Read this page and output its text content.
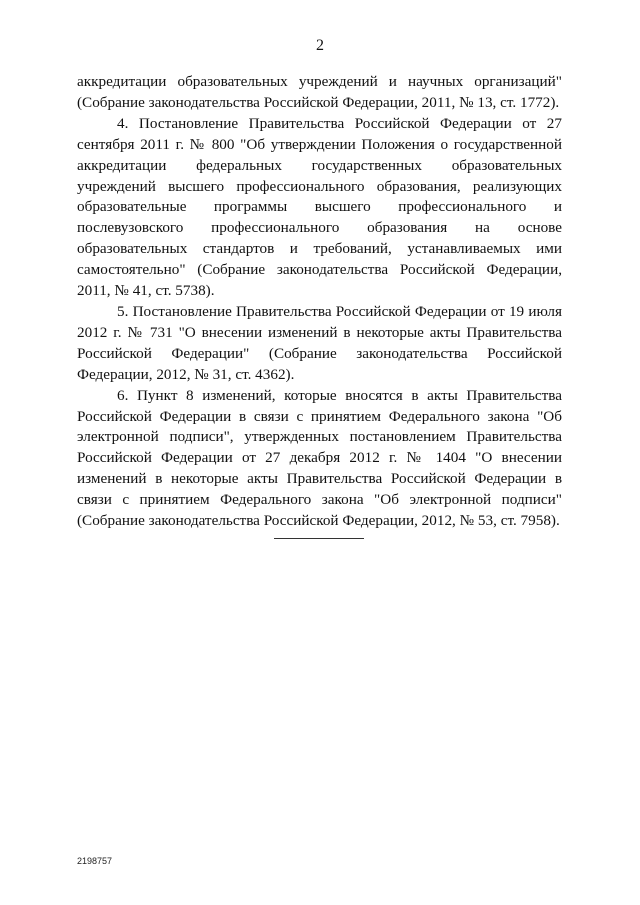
2

аккредитации образовательных учреждений и научных организаций" (Собрание законодательства Российской Федерации, 2011, № 13, ст. 1772).

4. Постановление Правительства Российской Федерации от 27 сентября 2011 г. № 800 "Об утверждении Положения о государственной аккредитации федеральных государственных образовательных учреждений высшего профессионального образования, реализующих образовательные программы высшего профессионального и послевузовского профессионального образования на основе образовательных стандартов и требований, устанавливаемых ими самостоятельно" (Собрание законодательства Российской Федерации, 2011, № 41, ст. 5738).

5. Постановление Правительства Российской Федерации от 19 июля 2012 г. № 731 "О внесении изменений в некоторые акты Правительства Российской Федерации" (Собрание законодательства Российской Федерации, 2012, № 31, ст. 4362).

6. Пункт 8 изменений, которые вносятся в акты Правительства Российской Федерации в связи с принятием Федерального закона "Об электронной подписи", утвержденных постановлением Правительства Российской Федерации от 27 декабря 2012 г. № 1404 "О внесении изменений в некоторые акты Правительства Российской Федерации в связи с принятием Федерального закона "Об электронной подписи" (Собрание законодательства Российской Федерации, 2012, № 53, ст. 7958).

2198757
